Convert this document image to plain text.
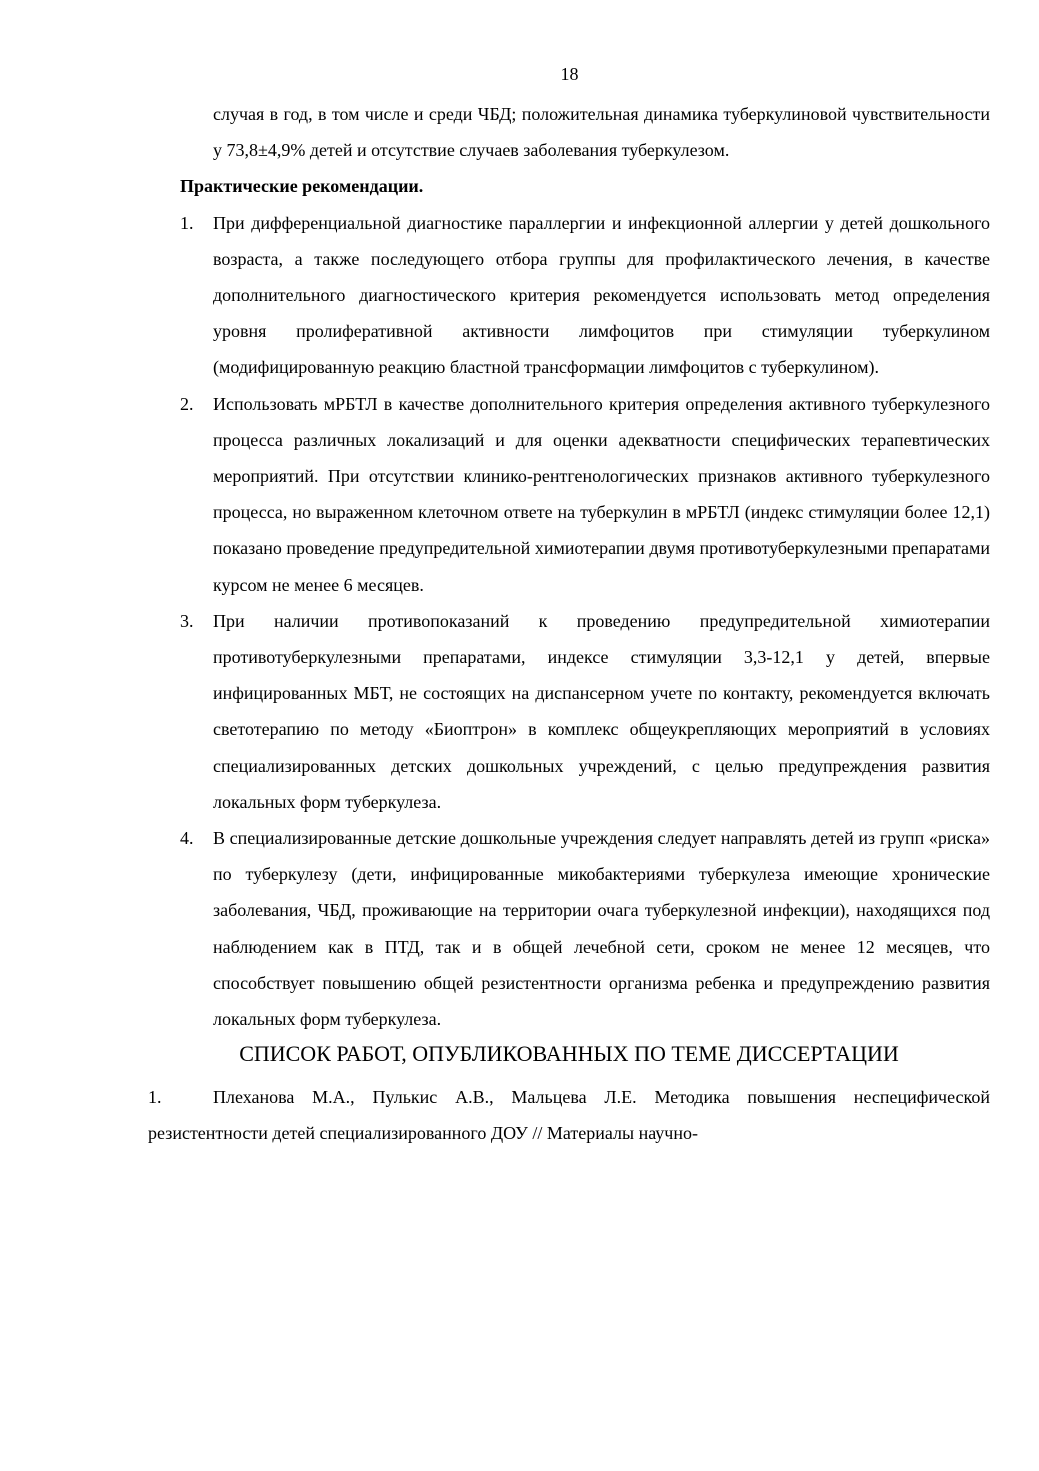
18

случая в год, в том числе и среди ЧБД; положительная динамика туберкулиновой чувствительности у 73,8±4,9% детей и отсутствие случаев заболевания туберкулезом.

Практические рекомендации.
1.	При дифференциальной диагностике параллергии и инфекционной аллергии у детей дошкольного возраста, а также последующего отбора группы для профилактического лечения, в качестве дополнительного диагностического критерия рекомендуется использовать метод определения уровня пролиферативной активности лимфоцитов при стимуляции туберкулином (модифицированную реакцию бластной трансформации лимфоцитов с туберкулином).
2.	Использовать мРБТЛ в качестве дополнительного критерия определения активного туберкулезного процесса различных локализаций и для оценки адекватности специфических терапевтических мероприятий. При отсутствии клинико-рентгенологических признаков активного туберкулезного процесса, но выраженном клеточном ответе на туберкулин в мРБТЛ (индекс стимуляции более 12,1) показано проведение предупредительной химиотерапии двумя противотуберкулезными препаратами курсом не менее 6 месяцев.
3.	При наличии противопоказаний к проведению предупредительной химиотерапии противотуберкулезными препаратами, индексе стимуляции 3,3-12,1 у детей, впервые инфицированных МБТ, не состоящих на диспансерном учете по контакту, рекомендуется включать светотерапию по методу «Биоптрон» в комплекс общеукрепляющих мероприятий в условиях специализированных детских дошкольных учреждений, с целью предупреждения развития локальных форм туберкулеза.
4.	В специализированные детские дошкольные учреждения следует направлять детей из групп «риска» по туберкулезу (дети, инфицированные микобактериями туберкулеза имеющие хронические заболевания, ЧБД, проживающие на территории очага туберкулезной инфекции), находящихся под наблюдением как в ПТД, так и в общей лечебной сети, сроком не менее 12 месяцев, что способствует повышению общей резистентности организма ребенка и предупреждению развития локальных форм туберкулеза.
СПИСОК РАБОТ, ОПУБЛИКОВАННЫХ ПО ТЕМЕ ДИССЕРТАЦИИ
1.	Плеханова М.А., Пулькис А.В., Мальцева Л.Е. Методика повышения неспецифической резистентности детей специализированного ДОУ // Материалы научно-
